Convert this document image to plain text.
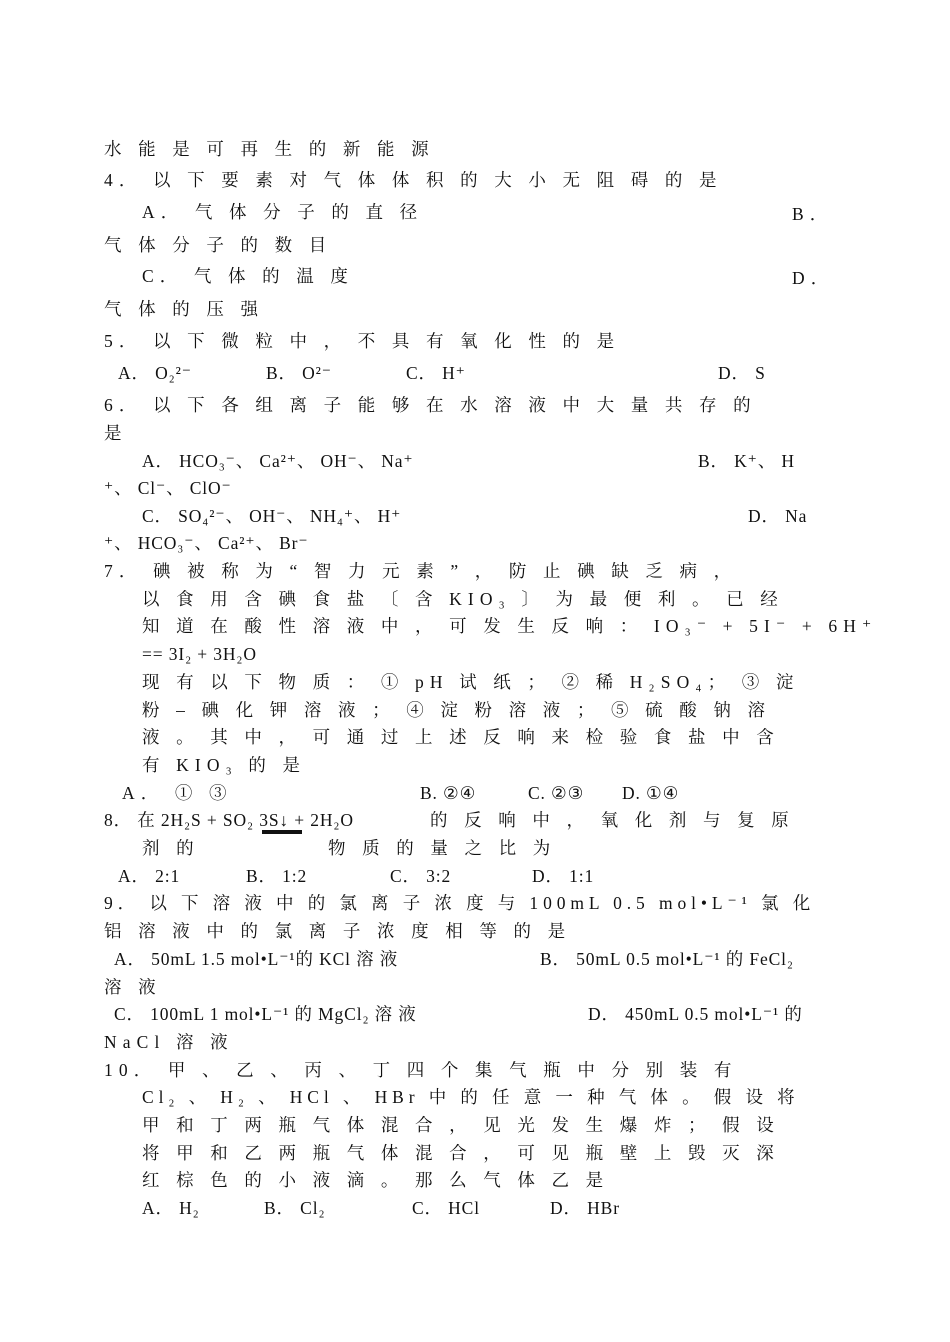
水 能 是 可 再 生 的 新 能 源
4． 以 下 要 素 对 气 体 体 积 的 大 小 无 阻 碍 的 是
A． 气 体 分 子 的 直 径	B．
气 体 分 子 的 数 目
C． 气 体 的 温 度	D．
气 体 的 压 强
5． 以 下 微 粒 中 ， 不 具 有 氧 化 性 的 是
A． O₂²⁻	B． O²⁻	C． H⁺	D． S
6． 以 下 各 组 离 子 能 够 在 水 溶 液 中 大 量 共 存 的
是
A． HCO₃⁻、 Ca²⁺、 OH⁻、 Na⁺	B． K⁺、 H
⁺、 Cl⁻、 ClO⁻
C． SO₄²⁻、 OH⁻、 NH₄⁺、 H⁺	D． Na
⁺、 HCO₃⁻、 Ca²⁺、 Br⁻
7． 碘 被 称 为 “ 智 力 元 素 ” ， 防 止 碘 缺 乏 病 ，
以 食 用 含 碘 食 盐 〔 含 KIO₃ 〕 为 最 便 利 。 已 经
知 道 在 酸 性 溶 液 中 ， 可 发 生 反 响 ： IO₃⁻ + 5I⁻ + 6H⁺
== 3I₂ + 3H₂O
现 有 以 下 物 质 ： ① pH 试 纸 ； ② 稀 H₂SO₄； ③ 淀
粉 – 碘 化 钾 溶 液 ； ④ 淀 粉 溶 液 ； ⑤ 硫 酸 钠 溶
液 。 其 中 ， 可 通 过 上 述 反 响 来 检 验 食 盐 中 含
有 KIO₃ 的 是
A． ① ③	B. ②④	C. ②③ D. ①④
8． 在 2H₂S + SO₂ 3S↓ + 2H₂O	的 反 响 中 ， 氧 化 剂 与 复 原
剂 的	物 质 的 量 之 比 为
A． 2:1	B． 1:2	C． 3:2	D． 1:1
9． 以 下 溶 液 中 的 氯 离 子 浓 度 与 100mL 0.5 mol•L⁻¹ 氯 化
铝 溶 液 中 的 氯 离 子 浓 度 相 等 的 是
A． 50mL 1.5 mol•L⁻¹的 KCl 溶 液	B． 50mL 0.5 mol•L⁻¹ 的 FeCl₂
溶 液
C． 100mL 1 mol•L⁻¹ 的 MgCl₂ 溶 液	D． 450mL 0.5 mol•L⁻¹ 的
NaCl 溶 液
10． 甲 、 乙 、 丙 、 丁 四 个 集 气 瓶 中 分 别 装 有
Cl₂ 、 H₂ 、 HCl 、 HBr 中 的 任 意 一 种 气 体 。 假 设 将
甲 和 丁 两 瓶 气 体 混 合 ， 见 光 发 生 爆 炸 ； 假 设
将 甲 和 乙 两 瓶 气 体 混 合 ， 可 见 瓶 壁 上 毁 灭 深
红 棕 色 的 小 液 滴 。 那 么 气 体 乙 是
A． H₂	B． Cl₂	C． HCl	D． HBr
